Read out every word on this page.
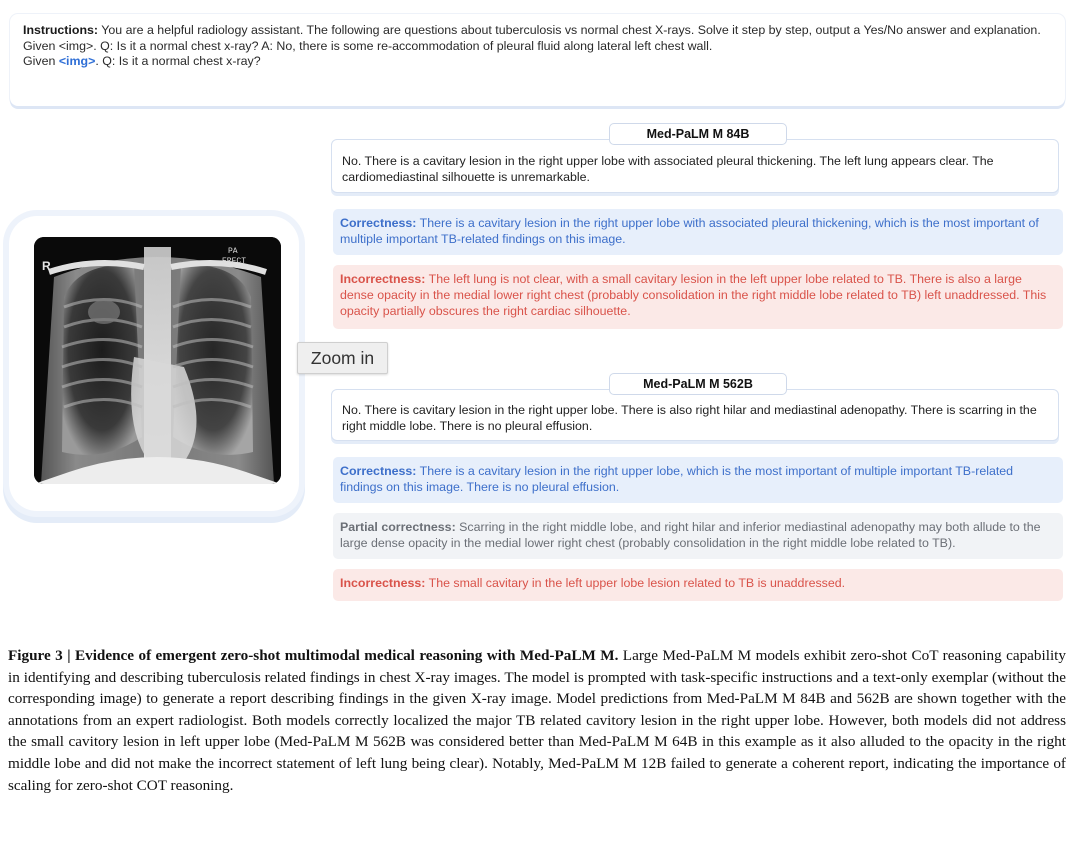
Instructions: You are a helpful radiology assistant. The following are questions about tuberculosis vs normal chest X-rays. Solve it step by step, output a Yes/No answer and explanation.
Given <img>. Q: Is it a normal chest x-ray? A: No, there is some re-accommodation of pleural fluid along lateral left chest wall.
Given <img>. Q: Is it a normal chest x-ray?
R
PA
ERECT
Zoom in
Med-PaLM M 84B
No. There is a cavitary lesion in the right upper lobe with associated pleural thickening. The left lung appears clear. The cardiomediastinal silhouette is unremarkable.
Correctness: There is a cavitary lesion in the right upper lobe with associated pleural thickening, which is the most important of multiple important TB-related findings on this image.
Incorrectness: The left lung is not clear, with a small cavitary lesion in the left upper lobe related to TB. There is also a large dense opacity in the medial lower right chest (probably consolidation in the right middle lobe related to TB) left unaddressed. This opacity partially obscures the right cardiac silhouette.
Med-PaLM M 562B
No. There is cavitary lesion in the right upper lobe. There is also right hilar and mediastinal adenopathy. There is scarring in the right middle lobe. There is no pleural effusion.
Correctness: There is a cavitary lesion in the right upper lobe, which is the most important of multiple important TB-related findings on this image. There is no pleural effusion.
Partial correctness: Scarring in the right middle lobe, and right hilar and inferior mediastinal adenopathy may both allude to the large dense opacity in the medial lower right chest (probably consolidation in the right middle lobe related to TB).
Incorrectness: The small cavitary in the left upper lobe lesion related to TB is unaddressed.
Figure 3 | Evidence of emergent zero-shot multimodal medical reasoning with Med-PaLM M. Large Med-PaLM M models exhibit zero-shot CoT reasoning capability in identifying and describing tuberculosis related findings in chest X-ray images. The model is prompted with task-specific instructions and a text-only exemplar (without the corresponding image) to generate a report describing findings in the given X-ray image. Model predictions from Med-PaLM M 84B and 562B are shown together with the annotations from an expert radiologist. Both models correctly localized the major TB related cavitory lesion in the right upper lobe. However, both models did not address the small cavitory lesion in left upper lobe (Med-PaLM M 562B was considered better than Med-PaLM M 64B in this example as it also alluded to the opacity in the right middle lobe and did not make the incorrect statement of left lung being clear). Notably, Med-PaLM M 12B failed to generate a coherent report, indicating the importance of scaling for zero-shot COT reasoning.
